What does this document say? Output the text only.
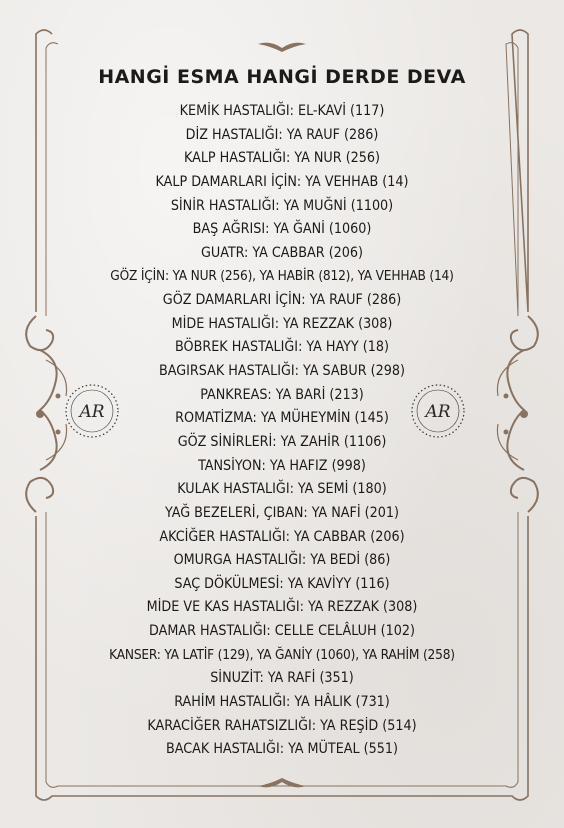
AR	AR
HANGİ ESMA HANGİ DERDE DEVA
KEMİK HASTALIĞI: EL-KAVİ (117)
DİZ HASTALIĞI: YA RAUF (286)
KALP HASTALIĞI: YA NUR (256)
KALP DAMARLARI İÇİN: YA VEHHAB (14)
SİNİR HASTALIĞI: YA MUĞNİ (1100)
BAŞ AĞRISI: YA ĞANİ (1060)
GUATR: YA CABBAR (206)
GÖZ İÇİN: YA NUR (256), YA HABİR (812), YA VEHHAB (14)
GÖZ DAMARLARI İÇİN: YA RAUF (286)
MİDE HASTALIĞI: YA REZZAK (308)
BÖBREK HASTALIĞI: YA HAYY (18)
BAGIRSAK HASTALIĞI: YA SABUR (298)
PANKREAS: YA BARİ (213)
ROMATİZMA: YA MÜHEYMİN (145)
GÖZ SİNİRLERİ: YA ZAHİR (1106)
TANSİYON: YA HAFIZ (998)
KULAK HASTALIĞI: YA SEMİ (180)
YAĞ BEZELERİ, ÇIBAN: YA NAFİ (201)
AKCİĞER HASTALIĞI: YA CABBAR (206)
OMURGA HASTALIĞI: YA BEDİ (86)
SAÇ DÖKÜLMESİ: YA KAVİYY (116)
MİDE VE KAS HASTALIĞI: YA REZZAK (308)
DAMAR HASTALIĞI: CELLE CELÂLUH (102)
KANSER: YA LATİF (129), YA ĞANİY (1060), YA RAHİM (258)
SİNUZİT: YA RAFİ (351)
RAHİM HASTALIĞI: YA HÂLIK (731)
KARACİĞER RAHATSIZLIĞI: YA REŞİD (514)
BACAK HASTALIĞI: YA MÜTEAL (551)
